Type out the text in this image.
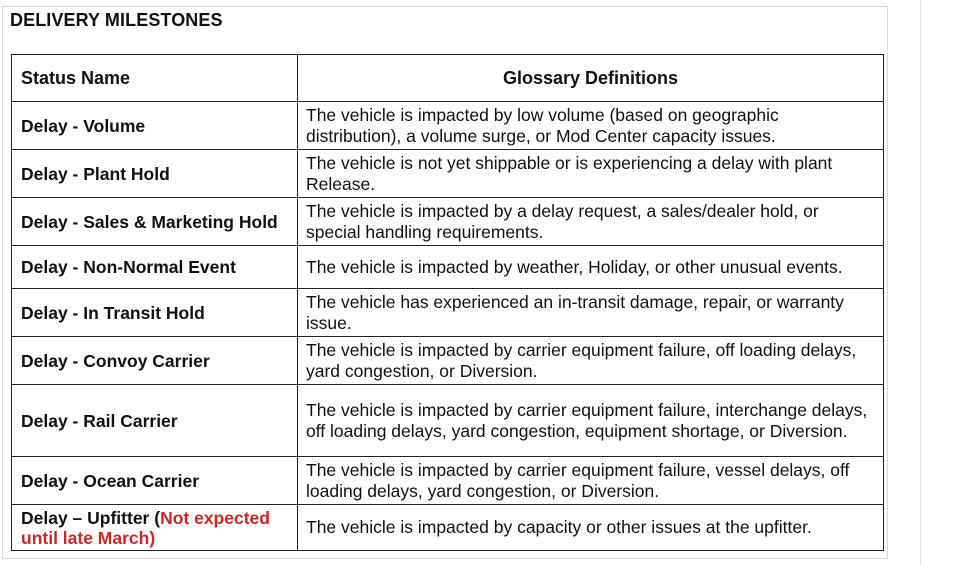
DELIVERY MILESTONES
Status Name	Glossary Definitions
Delay - Volume	The vehicle is impacted by low volume (based on geographic distribution), a volume surge, or Mod Center capacity issues.
Delay - Plant Hold	The vehicle is not yet shippable or is experiencing a delay with plant Release.
Delay - Sales & Marketing Hold	The vehicle is impacted by a delay request, a sales/dealer hold, or special handling requirements.
Delay - Non-Normal Event	The vehicle is impacted by weather, Holiday, or other unusual events.
Delay - In Transit Hold	The vehicle has experienced an in-transit damage, repair, or warranty issue.
Delay - Convoy Carrier	The vehicle is impacted by carrier equipment failure, off loading delays, yard congestion, or Diversion.
Delay - Rail Carrier	The vehicle is impacted by carrier equipment failure, interchange delays, off loading delays, yard congestion, equipment shortage, or Diversion.
Delay - Ocean Carrier	The vehicle is impacted by carrier equipment failure, vessel delays, off loading delays, yard congestion, or Diversion.
Delay – Upfitter (Not expected until late March)	The vehicle is impacted by capacity or other issues at the upfitter.
